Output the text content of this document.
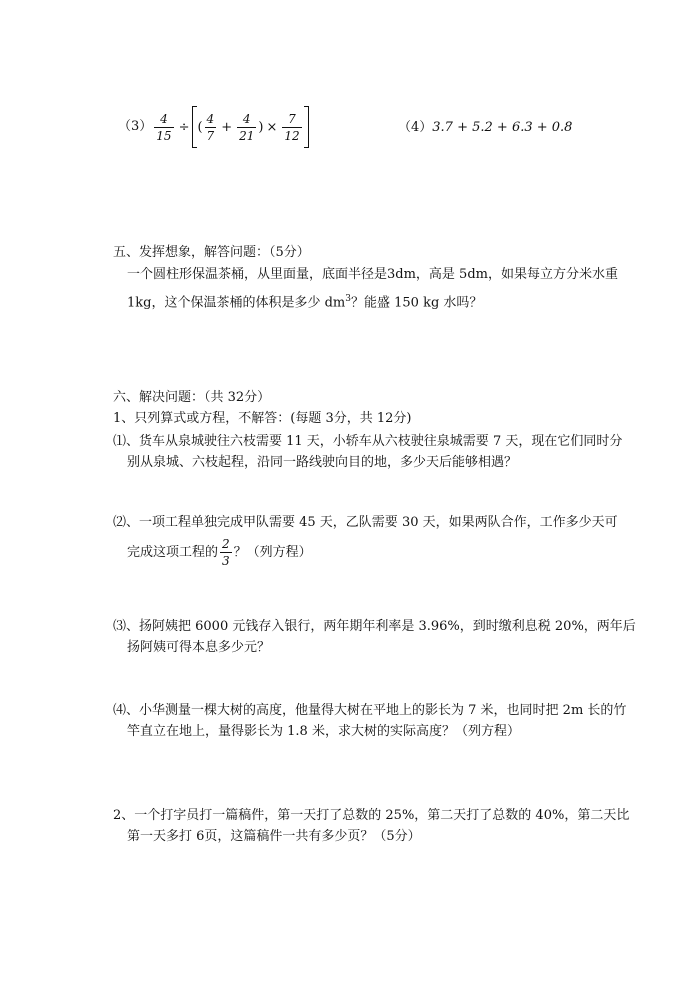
$(3) \frac{4}{15}$ ÷ ( $\frac{4}{7} + \frac{4}{21}$ ) × $\frac{7}{12}$	（4）3.7 + 5.2 + 6.3 + 0.8
五、发挥想象，解答问题：（5分）
一个圆柱形保温茶桶，从里面量，底面半径是3dm，高是 5dm，如果每立方分米水重
1kg，这个保温茶桶的体积是多少 $dm^3$？能盛 150 kg 水吗？
六、解决问题：（共 32分）
1、只列算式或方程，不解答：(每题 3分，共 12分)
⑴、货车从泉城驶往六枝需要 11 天，小轿车从六枝驶往泉城需要 7 天，现在它们同时分
别从泉城、六枝起程，沿同一路线驶向目的地，多少天后能够相遇？
⑵、一项工程单独完成甲队需要 45 天，乙队需要 30 天，如果两队合作，工作多少天可
完成这项工程的 $\frac{2}{3}$ ？（列方程）
⑶、扬阿姨把 6000 元钱存入银行，两年期年利率是 3.96%，到时缴利息税 20%，两年后
扬阿姨可得本息多少元？
⑷、小华测量一棵大树的高度，他量得大树在平地上的影长为 7 米，也同时把 2m 长的竹
竿直立在地上，量得影长为 1.8 米，求大树的实际高度？（列方程）
2、一个打字员打一篇稿件，第一天打了总数的 25%，第二天打了总数的 40%，第二天比
第一天多打 6页，这篇稿件一共有多少页？（5分）
